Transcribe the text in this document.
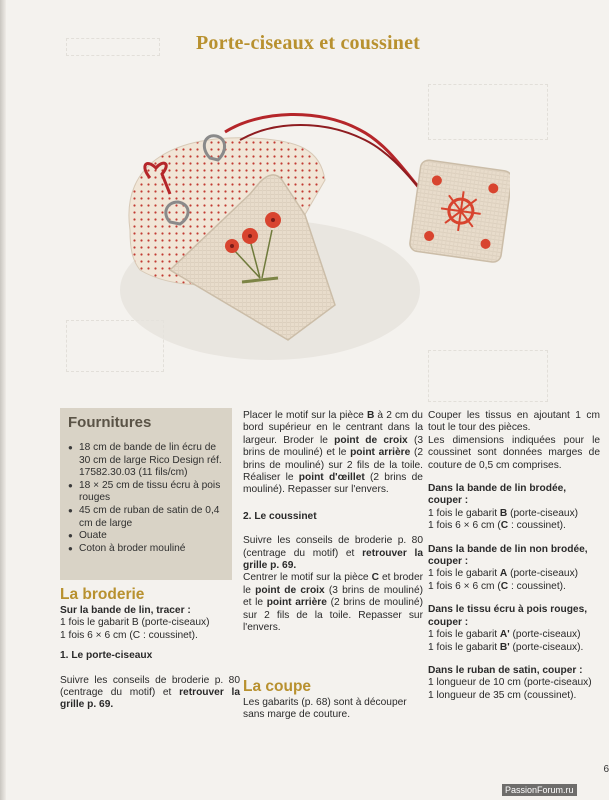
Porte-ciseaux et coussinet
Fournitures
● 18 cm de bande de lin écru de 30 cm de large Rico Design réf. 17582.30.03 (11 fils/cm)
● 18 × 25 cm de tissu écru à pois rouges
● 45 cm de ruban de satin de 0,4 cm de large
● Ouate
● Coton à broder mouliné
La broderie

Sur la bande de lin, tracer :

1 fois le gabarit B (porte-ciseaux)

1 fois 6 × 6 cm (C : coussinet).

1. Le porte-ciseaux

Suivre les conseils de broderie p. 80 (centrage du motif) et retrouver la grille p. 69.

Placer le motif sur la pièce B à 2 cm du bord supérieur en le centrant dans la largeur. Broder le point de croix (3 brins de mouliné) et le point arrière (2 brins de mouliné) sur 2 fils de la toile. Réaliser le point d'œillet (2 brins de mouliné). Repasser sur l'envers.

2. Le coussinet

Suivre les conseils de broderie p. 80 (centrage du motif) et retrouver la grille p. 69.

Centrer le motif sur la pièce C et broder le point de croix (3 brins de mouliné) et le point arrière (2 brins de mouliné) sur 2 fils de la toile. Repasser sur l'envers.

La coupe
Les gabarits (p. 68) sont à découper sans marge de couture.

Couper les tissus en ajoutant 1 cm tout le tour des pièces.

Les dimensions indiquées pour le coussinet sont données marges de couture de 0,5 cm comprises.

Dans la bande de lin brodée, couper :

1 fois le gabarit B (porte-ciseaux)

1 fois 6 × 6 cm (C : coussinet).

Dans la bande de lin non brodée, couper :

1 fois le gabarit A (porte-ciseaux)

1 fois 6 × 6 cm (C : coussinet).

Dans le tissu écru à pois rouges, couper :

1 fois le gabarit A' (porte-ciseaux)

1 fois le gabarit B' (porte-ciseaux).

Dans le ruban de satin, couper :

1 longueur de 10 cm (porte-ciseaux)

1 longueur de 35 cm (coussinet).

6
PassionForum.ru
